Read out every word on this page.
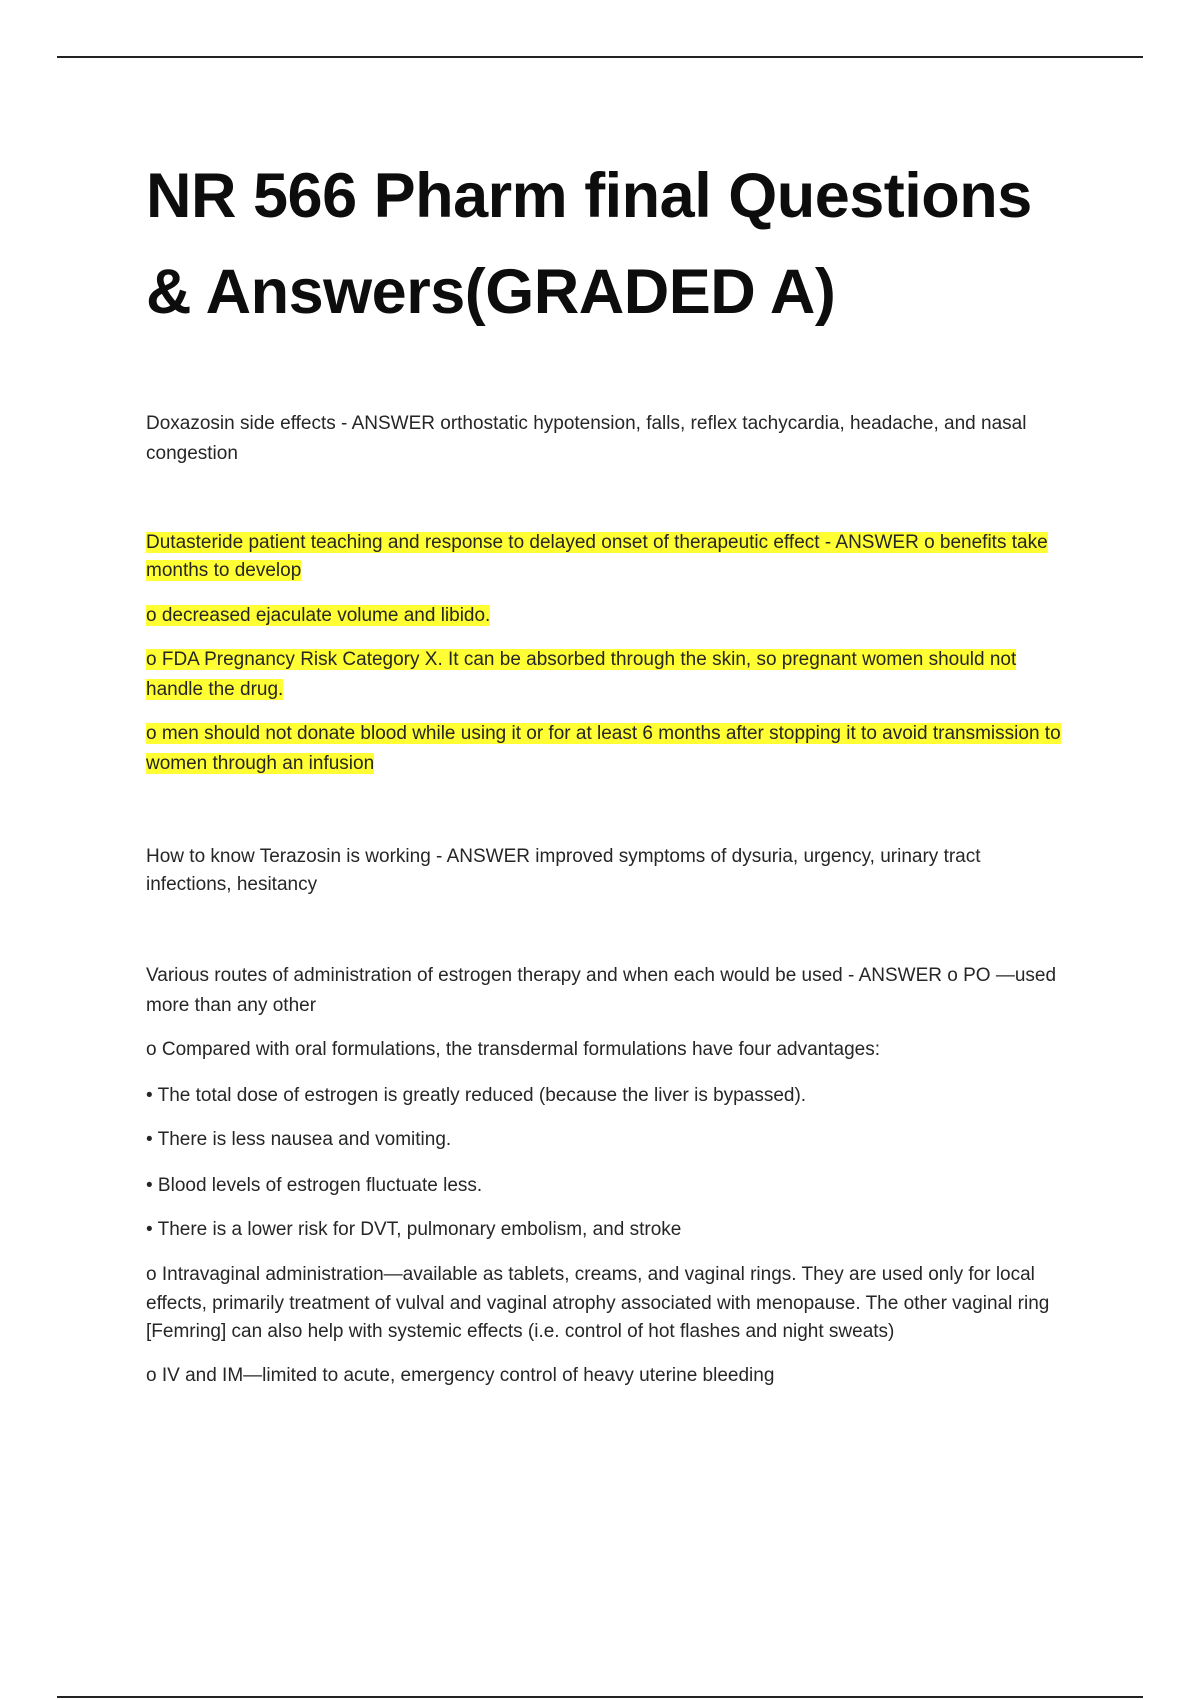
NR 566 Pharm final Questions
& Answers(GRADED A)

Doxazosin side effects - ANSWER orthostatic hypotension, falls, reflex tachycardia, headache, and nasal congestion

Dutasteride patient teaching and response to delayed onset of therapeutic effect - ANSWER o benefits take months to develop

o decreased ejaculate volume and libido.

o FDA Pregnancy Risk Category X. It can be absorbed through the skin, so pregnant women should not handle the drug.

o men should not donate blood while using it or for at least 6 months after stopping it to avoid transmission to women through an infusion

How to know Terazosin is working - ANSWER improved symptoms of dysuria, urgency, urinary tract infections, hesitancy

Various routes of administration of estrogen therapy and when each would be used - ANSWER o PO —used more than any other

o Compared with oral formulations, the transdermal formulations have four advantages:

• The total dose of estrogen is greatly reduced (because the liver is bypassed).

• There is less nausea and vomiting.

• Blood levels of estrogen fluctuate less.

• There is a lower risk for DVT, pulmonary embolism, and stroke

o Intravaginal administration—available as tablets, creams, and vaginal rings. They are used only for local effects, primarily treatment of vulval and vaginal atrophy associated with menopause. The other vaginal ring [Femring] can also help with systemic effects (i.e. control of hot flashes and night sweats)

o IV and IM—limited to acute, emergency control of heavy uterine bleeding
